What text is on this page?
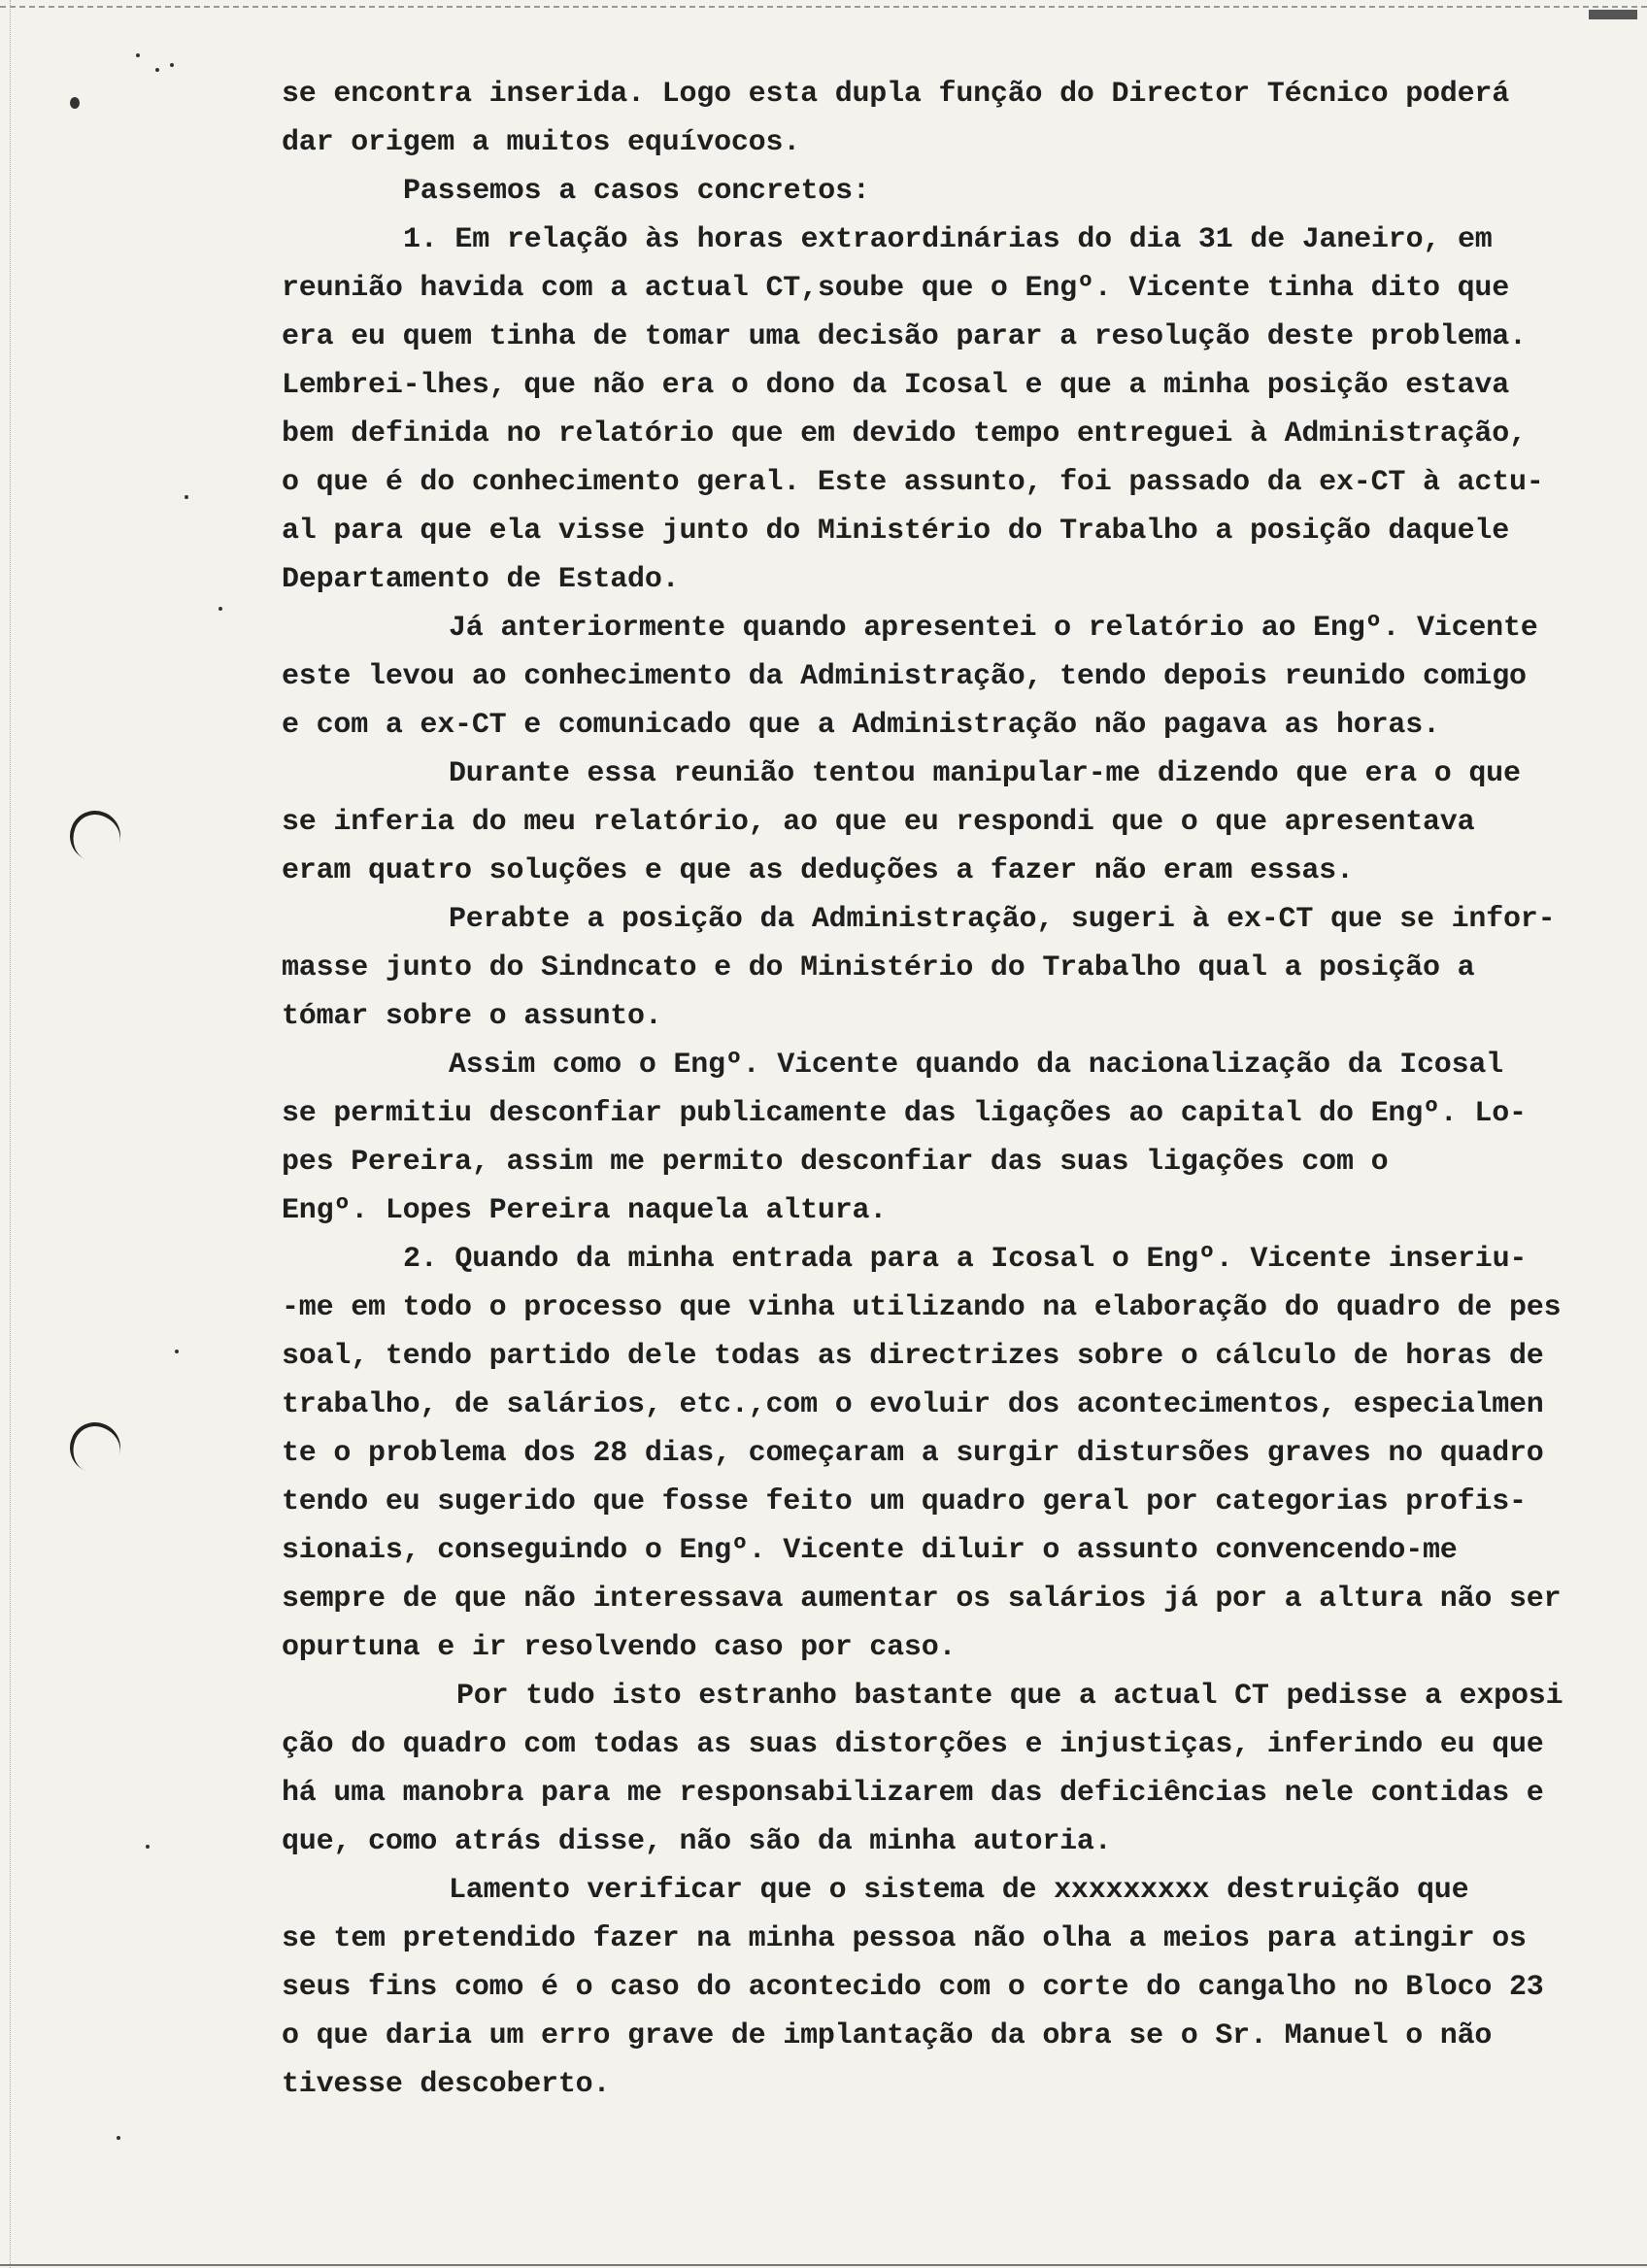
se encontra inserida. Logo esta dupla função do Director Técnico poderá
dar origem a muitos equívocos.
Passemos a casos concretos:
1. Em relação às horas extraordinárias do dia 31 de Janeiro, em
reunião havida com a actual CT,soube que o Engº. Vicente tinha dito que
era eu quem tinha de tomar uma decisão parar a resolução deste problema.
Lembrei-lhes, que não era o dono da Icosal e que a minha posição estava
bem definida no relatório que em devido tempo entreguei à Administração,
o que é do conhecimento geral. Este assunto, foi passado da ex-CT à actu-
al para que ela visse junto do Ministério do Trabalho a posição daquele
Departamento de Estado.
Já anteriormente quando apresentei o relatório ao Engº. Vicente
este levou ao conhecimento da Administração, tendo depois reunido comigo
e com a ex-CT e comunicado que a Administração não pagava as horas.
Durante essa reunião tentou manipular-me dizendo que era o que
se inferia do meu relatório, ao que eu respondi que o que apresentava
eram quatro soluções e que as deduções a fazer não eram essas.
Perabte a posição da Administração, sugeri à ex-CT que se infor-
masse junto do Sindncato e do Ministério do Trabalho qual a posição a
tómar sobre o assunto.
Assim como o Engº. Vicente quando da nacionalização da Icosal
se permitiu desconfiar publicamente das ligações ao capital do Engº. Lo-
pes Pereira, assim me permito desconfiar das suas ligações com o
Engº. Lopes Pereira naquela altura.
2. Quando da minha entrada para a Icosal o Engº. Vicente inseriu-
-me em todo o processo que vinha utilizando na elaboração do quadro de pes
soal, tendo partido dele todas as directrizes sobre o cálculo de horas de
trabalho, de salários, etc.,com o evoluir dos acontecimentos, especialmen
te o problema dos 28 dias, começaram a surgir distursões graves no quadro
tendo eu sugerido que fosse feito um quadro geral por categorias profis-
sionais, conseguindo o Engº. Vicente diluir o assunto convencendo-me
sempre de que não interessava aumentar os salários já por a altura não ser
opurtuna e ir resolvendo caso por caso.
Por tudo isto estranho bastante que a actual CT pedisse a exposi
ção do quadro com todas as suas distorções e injustiças, inferindo eu que
há uma manobra para me responsabilizarem das deficiências nele contidas e
que, como atrás disse, não são da minha autoria.
Lamento verificar que o sistema de xxxxxxxxx destruição que
se tem pretendido fazer na minha pessoa não olha a meios para atingir os
seus fins como é o caso do acontecido com o corte do cangalho no Bloco 23
o que daria um erro grave de implantação da obra se o Sr. Manuel o não
tivesse descoberto.
